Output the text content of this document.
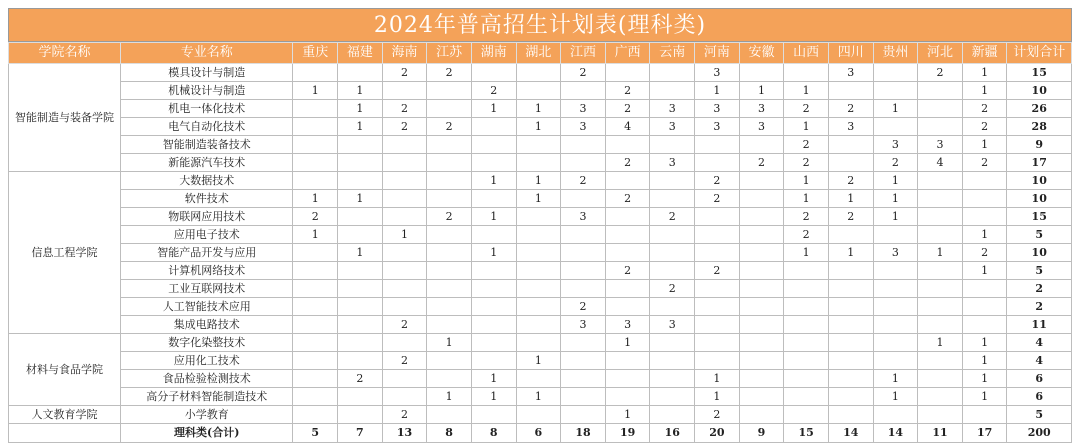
2024年普高招生计划表(理科类)
学院名称	专业名称	重庆	福建	海南	江苏	湖南	湖北	江西	广西	云南	河南	安徽	山西	四川	贵州	河北	新疆	计划合计
智能制造与装备学院	模具设计与制造			2	2			2			3			3		2	1	15
	机械设计与制造	1	1			2			2		1	1	1				1	10
	机电一体化技术		1	2		1	1	3	2	3	3	3	2	2	1		2	26
	电气自动化技术		1	2	2		1	3	4	3	3	3	1	3			2	28
	智能制造装备技术												2		3	3	1	9
	新能源汽车技术								2	3		2	2		2	4	2	17
信息工程学院	大数据技术					1	1	2			2		1	2	1			10
	软件技术	1	1				1		2		2		1	1	1			10
	物联网应用技术	2			2	1		3		2			2	2	1			15
	应用电子技术	1		1									2				1	5
	智能产品开发与应用		1			1							1	1	3	1	2	10
	计算机网络技术								2		2						1	5
	工业互联网技术									2								2
	人工智能技术应用							2										2
	集成电路技术			2				3	3	3								11
材料与食品学院	数字化染整技术				1				1							1	1	4
	应用化工技术			2			1										1	4
	食品检验检测技术		2			1					1				1		1	6
	高分子材料智能制造技术				1	1	1				1				1		1	6
人文教育学院	小学教育			2					1		2							5
	理科类(合计)	5	7	13	8	8	6	18	19	16	20	9	15	14	14	11	17	200
